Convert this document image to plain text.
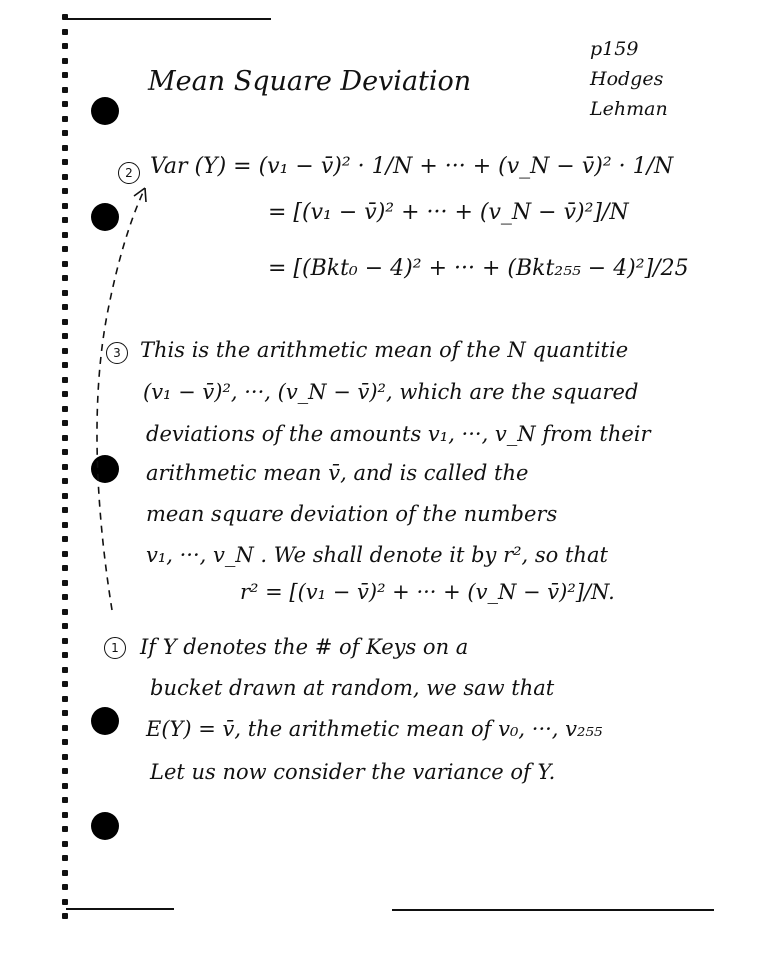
Mean Square Deviation
p159
Hodges
Lehman
2 Var (Y) = (v₁ − v̄)² · 1/N + ··· + (v_N − v̄)² · 1/N
= [(v₁ − v̄)² + ··· + (v_N − v̄)²]/N
= [(Bkt₀ − 4)² + ··· + (Bkt₂₅₅ − 4)²]/25
3 This is the arithmetic mean of the N quantitie
(v₁ − v̄)², ···, (v_N − v̄)², which are the squared
deviations of the amounts v₁, ···, v_N from their
arithmetic mean v̄, and is called the
mean square deviation of the numbers
v₁, ···, v_N . We shall denote it by r², so that
r² = [(v₁ − v̄)² + ··· + (v_N − v̄)²]/N.
1	If Y denotes the # of Keys on a
bucket drawn at random, we saw that
E(Y) = v̄, the arithmetic mean of v₀, ···, v₂₅₅
Let us now consider the variance of Y.
